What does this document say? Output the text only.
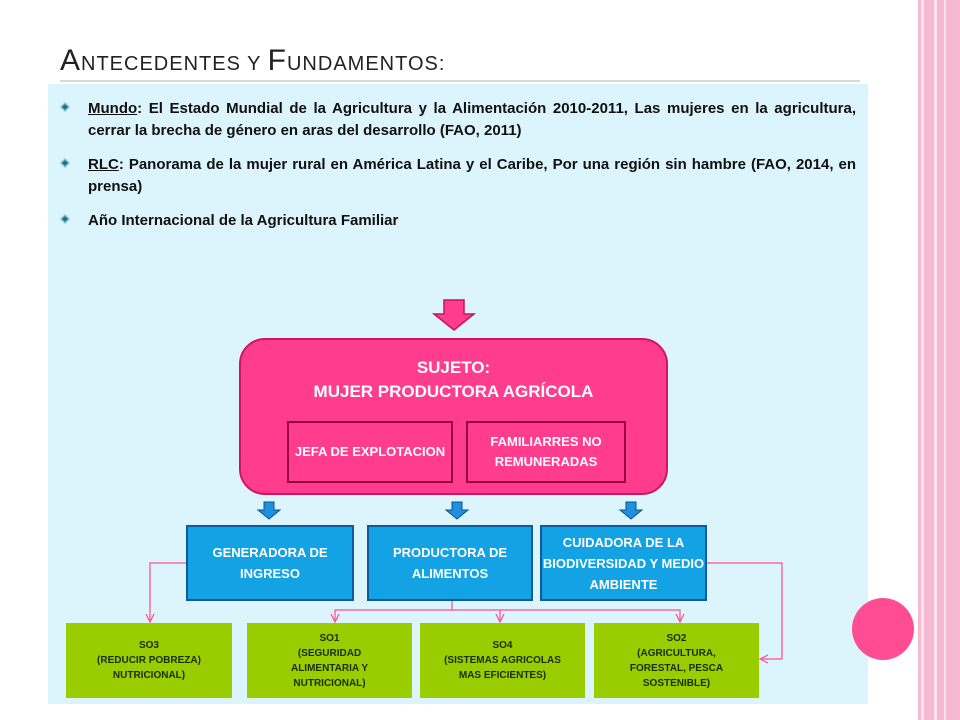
ANTECEDENTES Y FUNDAMENTOS:
Mundo: El Estado Mundial de la Agricultura y la Alimentación 2010-2011, Las mujeres en la agricultura, cerrar la brecha de género en aras del desarrollo (FAO, 2011)
RLC: Panorama de la mujer rural en América Latina y el Caribe, Por una región sin hambre (FAO, 2014, en prensa)
Año Internacional de la Agricultura Familiar
SUJETO:
MUJER PRODUCTORA AGRÍCOLA
JEFA DE EXPLOTACION
FAMILIARRES NO REMUNERADAS
GENERADORA DE INGRESO
PRODUCTORA DE ALIMENTOS
CUIDADORA DE LA BIODIVERSIDAD Y MEDIO AMBIENTE
SO3
(REDUCIR POBREZA) NUTRICIONAL)
SO1
(SEGURIDAD ALIMENTARIA Y NUTRICIONAL)
SO4
(SISTEMAS AGRICOLAS MAS EFICIENTES)
SO2
(AGRICULTURA, FORESTAL, PESCA SOSTENIBLE)
